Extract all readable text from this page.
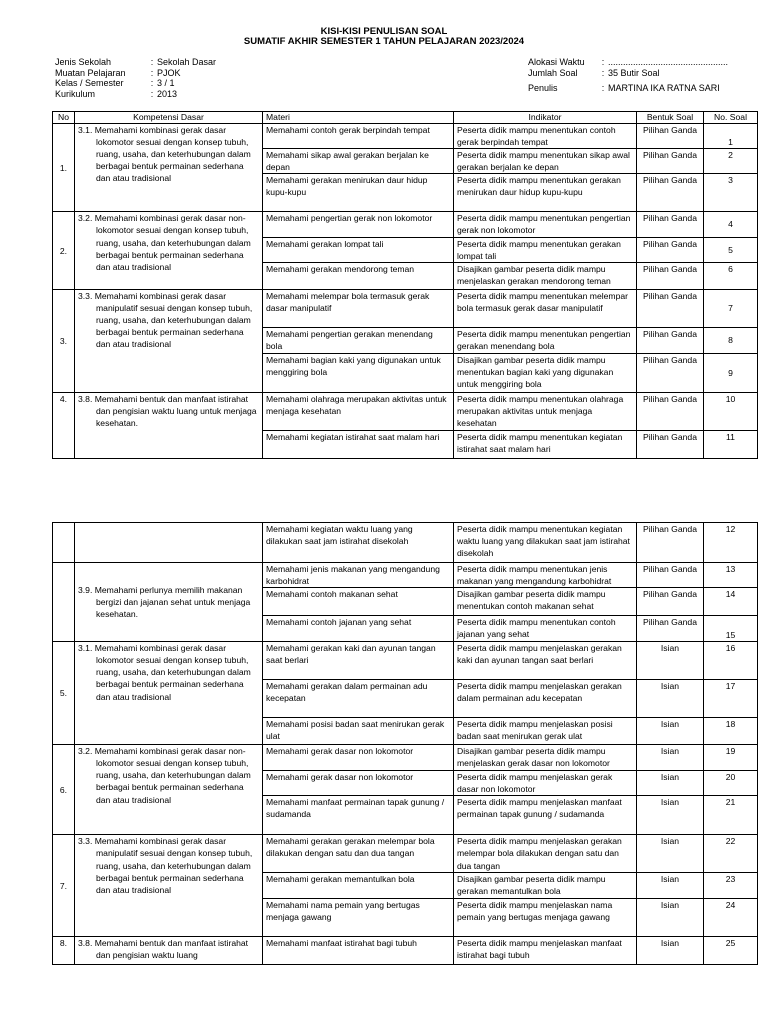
KISI-KISI PENULISAN SOAL
SUMATIF AKHIR SEMESTER 1 TAHUN PELAJARAN 2023/2024
Jenis Sekolah	: Sekolah Dasar
Muatan Pelajaran	: PJOK
Kelas / Semester	: 3 / 1
Kurikulum	: 2013
Alokasi Waktu	: ................................................
Jumlah Soal	: 35 Butir Soal
Penulis	: MARTINA IKA RATNA SARI
No	Kompetensi Dasar	Materi	Indikator	Bentuk Soal	No. Soal
1.	3.1. Memahami kombinasi gerak dasar lokomotor sesuai dengan konsep tubuh, ruang, usaha, dan keterhubungan dalam berbagai bentuk permainan sederhana dan atau tradisional	Memahami contoh gerak berpindah tempat	Peserta didik mampu menentukan contoh gerak berpindah tempat	Pilihan Ganda	1
		Memahami sikap awal gerakan berjalan ke depan	Peserta didik mampu menentukan sikap awal gerakan berjalan ke depan	Pilihan Ganda	2
		Memahami gerakan menirukan daur hidup kupu-kupu	Peserta didik mampu menentukan gerakan menirukan daur hidup kupu-kupu	Pilihan Ganda	3
2.	3.2. Memahami kombinasi gerak dasar non-lokomotor sesuai dengan konsep tubuh, ruang, usaha, dan keterhubungan dalam berbagai bentuk permainan sederhana dan atau tradisional	Memahami pengertian gerak non lokomotor	Peserta didik mampu menentukan pengertian gerak non lokomotor	Pilihan Ganda	4
		Memahami gerakan lompat tali	Peserta didik mampu menentukan gerakan lompat tali	Pilihan Ganda	5
		Memahami gerakan mendorong teman	Disajikan gambar peserta didik mampu menjelaskan gerakan mendorong teman	Pilihan Ganda	6
3.	3.3. Memahami kombinasi gerak dasar manipulatif sesuai dengan konsep tubuh, ruang, usaha, dan keterhubungan dalam berbagai bentuk permainan sederhana dan atau tradisional	Memahami melempar bola termasuk gerak dasar manipulatif	Peserta didik mampu menentukan melempar bola termasuk gerak dasar manipulatif	Pilihan Ganda	7
		Memahami pengertian gerakan menendang bola	Peserta didik mampu menentukan pengertian gerakan menendang bola	Pilihan Ganda	8
		Memahami bagian kaki yang digunakan untuk menggiring bola	Disajikan gambar peserta didik mampu menentukan bagian kaki yang digunakan untuk menggiring bola	Pilihan Ganda	9
4.	3.8. Memahami bentuk dan manfaat istirahat dan pengisian waktu luang untuk menjaga kesehatan.	Memahami olahraga merupakan aktivitas untuk menjaga kesehatan	Peserta didik mampu menentukan olahraga merupakan aktivitas untuk menjaga kesehatan	Pilihan Ganda	10
		Memahami kegiatan istirahat saat malam hari	Peserta didik mampu menentukan kegiatan istirahat saat malam hari	Pilihan Ganda	11
		Memahami kegiatan waktu luang yang dilakukan saat jam istirahat disekolah	Peserta didik mampu menentukan kegiatan waktu luang yang dilakukan saat jam istirahat disekolah	Pilihan Ganda	12

	3.9. Memahami perlunya memilih makanan bergizi dan jajanan sehat untuk menjaga kesehatan.	Memahami jenis makanan yang mengandung karbohidrat	Peserta didik mampu menentukan jenis makanan yang mengandung karbohidrat	Pilihan Ganda	13
		Memahami contoh makanan sehat	Disajikan gambar peserta didik mampu menentukan contoh makanan sehat	Pilihan Ganda	14
		Memahami contoh jajanan yang sehat	Peserta didik mampu menentukan contoh jajanan yang sehat	Pilihan Ganda	15
5.	3.1. Memahami kombinasi gerak dasar lokomotor sesuai dengan konsep tubuh, ruang, usaha, dan keterhubungan dalam berbagai bentuk permainan sederhana dan atau tradisional	Memahami gerakan kaki dan ayunan tangan saat berlari	Peserta didik mampu menjelaskan gerakan kaki dan ayunan tangan saat berlari	Isian	16
		Memahami gerakan dalam permainan adu kecepatan	Peserta didik mampu menjelaskan gerakan dalam permainan adu kecepatan	Isian	17
		Memahami posisi badan saat menirukan gerak ulat	Peserta didik mampu menjelaskan posisi badan saat menirukan gerak ulat	Isian	18
6.	3.2. Memahami kombinasi gerak dasar non-lokomotor sesuai dengan konsep tubuh, ruang, usaha, dan keterhubungan dalam berbagai bentuk permainan sederhana dan atau tradisional	Memahami gerak dasar non lokomotor	Disajikan gambar peserta didik mampu menjelaskan gerak dasar non lokomotor	Isian	19
		Memahami gerak dasar non lokomotor	Peserta didik mampu menjelaskan gerak dasar non lokomotor	Isian	20
		Memahami manfaat permainan tapak gunung / sudamanda	Peserta didik mampu menjelaskan manfaat permainan tapak gunung / sudamanda	Isian	21
7.	3.3. Memahami kombinasi gerak dasar manipulatif sesuai dengan konsep tubuh, ruang, usaha, dan keterhubungan dalam berbagai bentuk permainan sederhana dan atau tradisional	Memahami gerakan gerakan melempar bola dilakukan dengan satu dan dua tangan	Peserta didik mampu menjelaskan gerakan melempar bola dilakukan dengan satu dan dua tangan	Isian	22
		Memahami gerakan memantulkan bola	Disajikan gambar peserta didik mampu gerakan memantulkan bola	Isian	23
		Memahami nama pemain yang bertugas menjaga gawang	Peserta didik mampu menjelaskan nama pemain yang bertugas menjaga gawang	Isian	24
8.	3.8. Memahami bentuk dan manfaat istirahat dan pengisian waktu luang	Memahami manfaat istirahat bagi tubuh	Peserta didik mampu menjelaskan manfaat istirahat bagi tubuh	Isian	25
